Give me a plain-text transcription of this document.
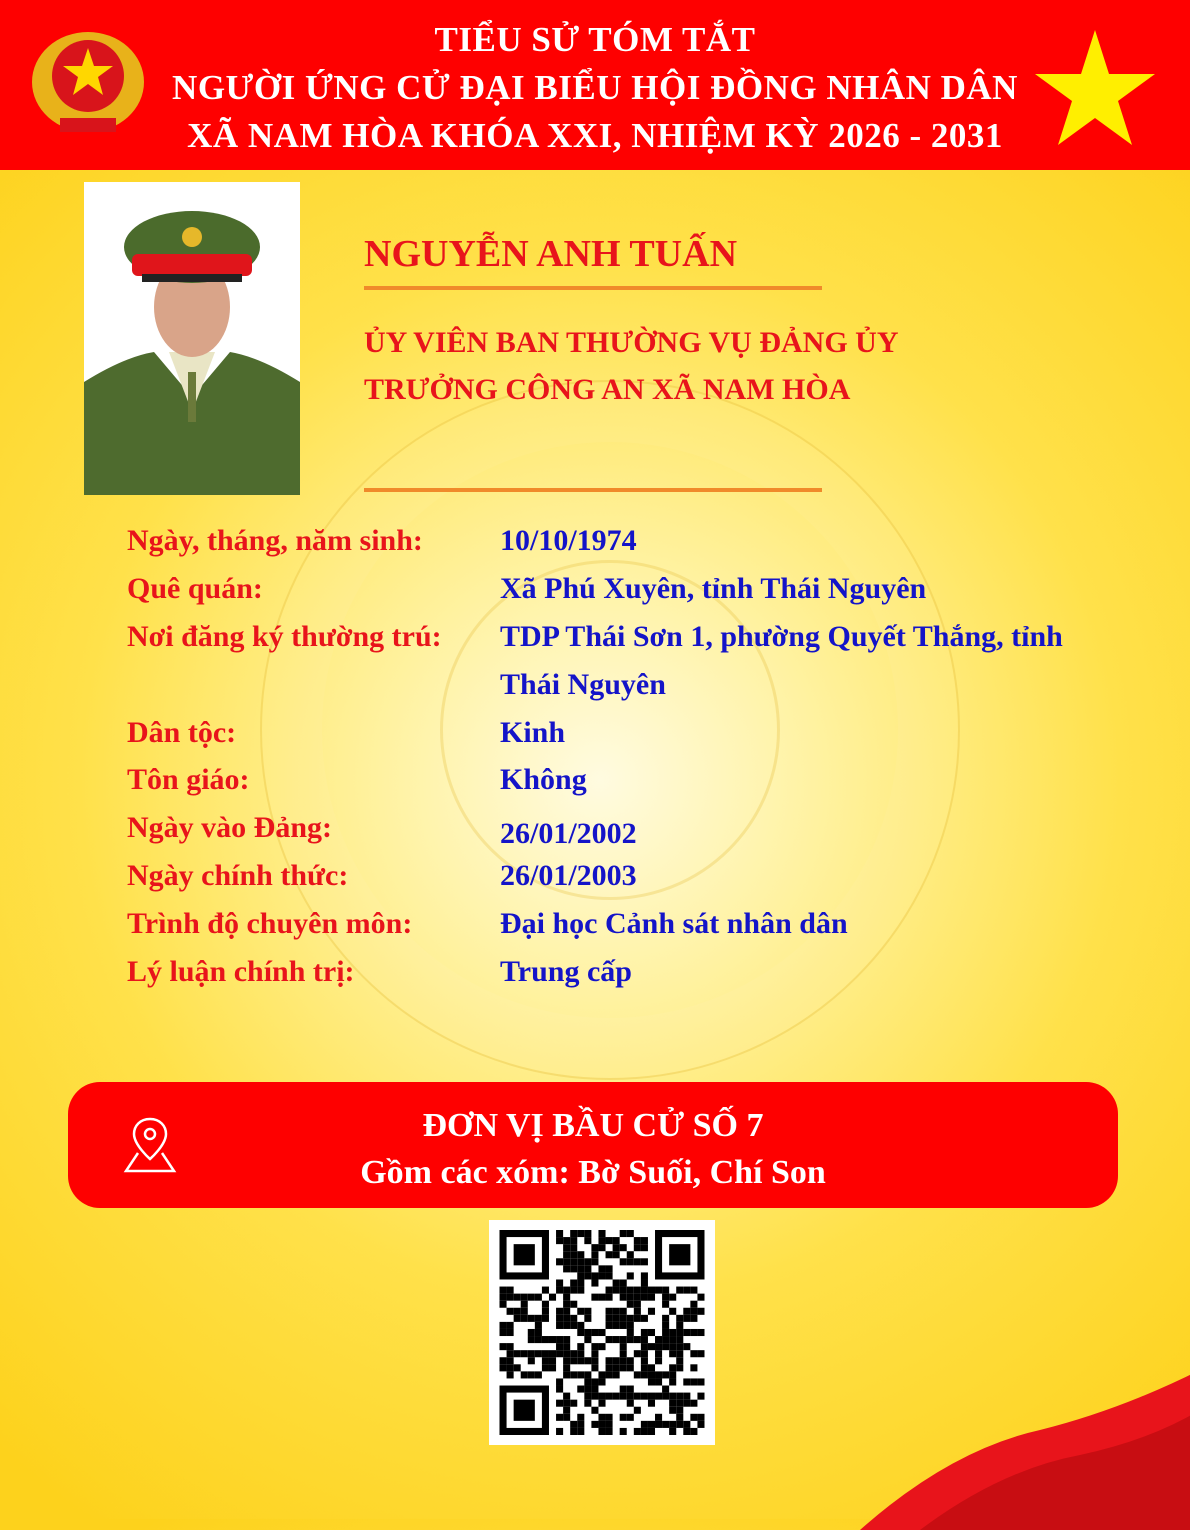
TIỂU SỬ TÓM TẮT
NGƯỜI ỨNG CỬ ĐẠI BIỂU HỘI ĐỒNG NHÂN DÂN
XÃ NAM HÒA KHÓA XXI, NHIỆM KỲ 2026 - 2031
NGUYỄN ANH TUẤN
ỦY VIÊN BAN THƯỜNG VỤ ĐẢNG ỦY
TRƯỞNG CÔNG AN XÃ NAM HÒA
Ngày, tháng, năm sinh:	10/10/1974
Quê quán:	Xã Phú Xuyên, tỉnh Thái Nguyên
Nơi đăng ký thường trú: TDP Thái Sơn 1, phường Quyết Thắng, tỉnh
Thái Nguyên
Dân tộc:	Kinh
Tôn giáo:	Không
Ngày vào Đảng:	26/01/2002
Ngày chính thức:	26/01/2003
Trình độ chuyên môn:	Đại học Cảnh sát nhân dân
Lý luận chính trị:	Trung cấp
ĐƠN VỊ BẦU CỬ SỐ 7
Gồm các xóm: Bờ Suối, Chí Son
